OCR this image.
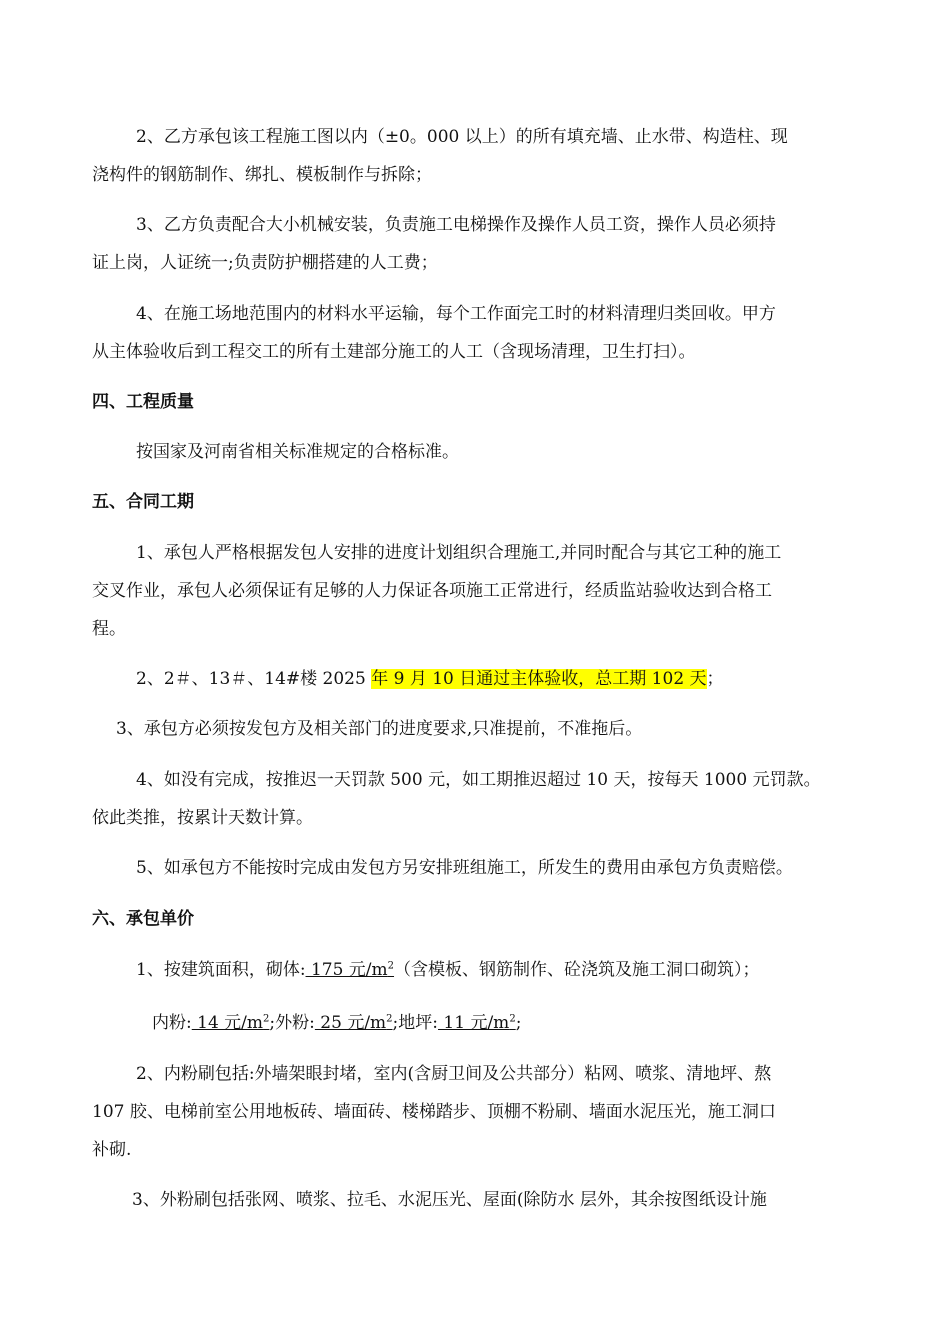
2、乙方承包该工程施工图以内（±0。000 以上）的所有填充墙、止水带、构造柱、现
浇构件的钢筋制作、绑扎、模板制作与拆除；
3、乙方负责配合大小机械安装，负责施工电梯操作及操作人员工资，操作人员必须持
证上岗，人证统一;负责防护棚搭建的人工费；
4、在施工场地范围内的材料水平运输，每个工作面完工时的材料清理归类回收。甲方
从主体验收后到工程交工的所有土建部分施工的人工（含现场清理，卫生打扫）。
四、工程质量
按国家及河南省相关标准规定的合格标准。
五、合同工期
1、承包人严格根据发包人安排的进度计划组织合理施工,并同时配合与其它工种的施工
交叉作业，承包人必须保证有足够的人力保证各项施工正常进行，经质监站验收达到合格工
程。
2、2＃、13＃、14#楼 2025 年 9 月 10 日通过主体验收，总工期 102 天；
3、承包方必须按发包方及相关部门的进度要求,只准提前，不准拖后。
4、如没有完成，按推迟一天罚款 500 元，如工期推迟超过 10 天，按每天 1000 元罚款。
依此类推，按累计天数计算。
5、如承包方不能按时完成由发包方另安排班组施工，所发生的费用由承包方负责赔偿。
六、承包单价
1、按建筑面积，砌体: 175 元$/m^2$（含模板、钢筋制作、砼浇筑及施工洞口砌筑）；
内粉: 14 元$/m^2$;外粉: 25 元$/m^2$;地坪: 11 元$/m^2$;
2、内粉刷包括:外墙架眼封堵，室内(含厨卫间及公共部分）粘网、喷浆、清地坪、熬
107 胶、电梯前室公用地板砖、墙面砖、楼梯踏步、顶棚不粉刷、墙面水泥压光，施工洞口
补砌.
3、外粉刷包括张网、喷浆、拉毛、水泥压光、屋面(除防水 层外，其余按图纸设计施
